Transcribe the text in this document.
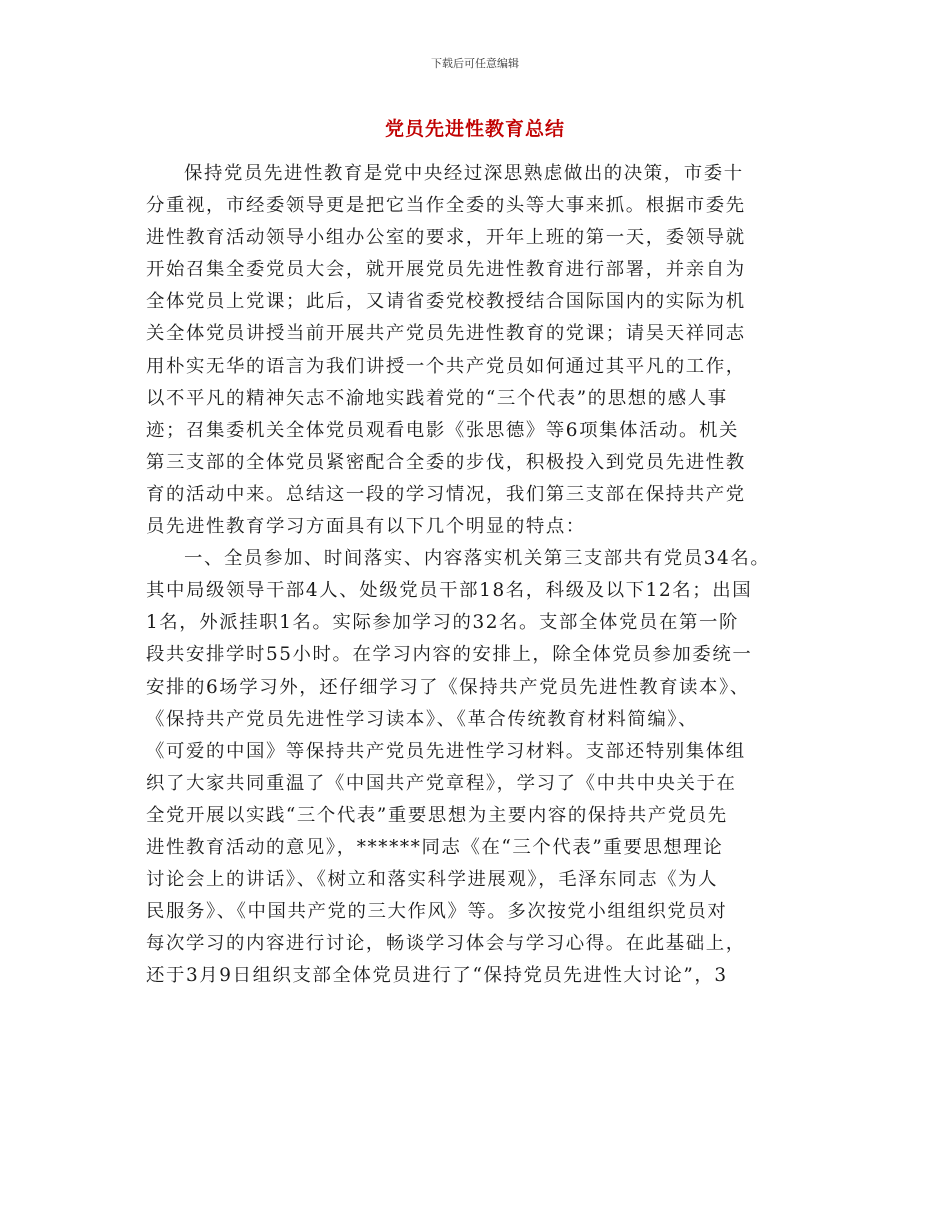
下载后可任意编辑
党员先进性教育总结
保持党员先进性教育是党中央经过深思熟虑做出的决策，市委十
分重视，市经委领导更是把它当作全委的头等大事来抓。根据市委先
进性教育活动领导小组办公室的要求，开年上班的第一天，委领导就
开始召集全委党员大会，就开展党员先进性教育进行部署，并亲自为
全体党员上党课；此后，又请省委党校教授结合国际国内的实际为机
关全体党员讲授当前开展共产党员先进性教育的党课；请吴天祥同志
用朴实无华的语言为我们讲授一个共产党员如何通过其平凡的工作，
以不平凡的精神矢志不渝地实践着党的“三个代表”的思想的感人事
迹；召集委机关全体党员观看电影《张思德》等6项集体活动。机关
第三支部的全体党员紧密配合全委的步伐，积极投入到党员先进性教
育的活动中来。总结这一段的学习情况，我们第三支部在保持共产党
员先进性教育学习方面具有以下几个明显的特点：
一、全员参加、时间落实、内容落实机关第三支部共有党员34名。
其中局级领导干部4人、处级党员干部18名，科级及以下12名；出国
1名，外派挂职1名。实际参加学习的32名。支部全体党员在第一阶
段共安排学时55小时。在学习内容的安排上，除全体党员参加委统一
安排的6场学习外，还仔细学习了《保持共产党员先进性教育读本》、
《保持共产党员先进性学习读本》、《革合传统教育材料简编》、
《可爱的中国》等保持共产党员先进性学习材料。支部还特别集体组
织了大家共同重温了《中国共产党章程》，学习了《中共中央关于在
全党开展以实践“三个代表”重要思想为主要内容的保持共产党员先
进性教育活动的意见》，******同志《在“三个代表”重要思想理论
讨论会上的讲话》、《树立和落实科学进展观》，毛泽东同志《为人
民服务》、《中国共产党的三大作风》等。多次按党小组组织党员对
每次学习的内容进行讨论，畅谈学习体会与学习心得。在此基础上，
还于3月9日组织支部全体党员进行了“保持党员先进性大讨论”，3
